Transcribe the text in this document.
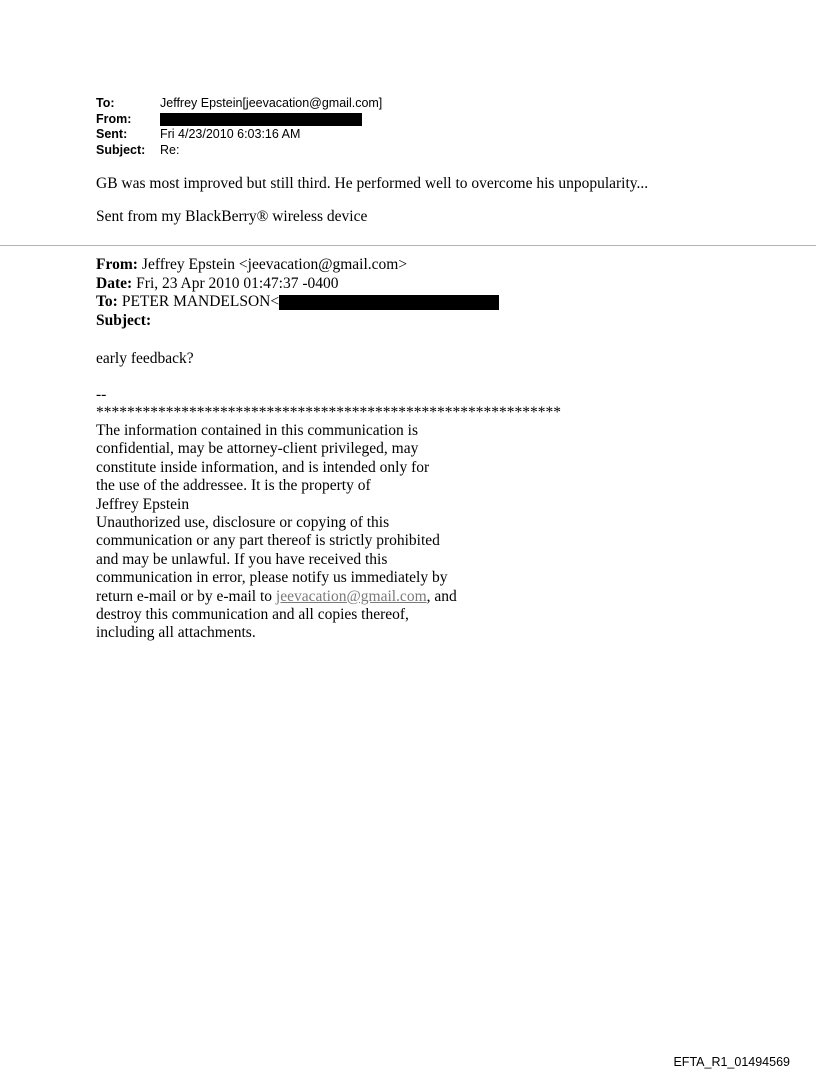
To:	Jeffrey Epstein[jeevacation@gmail.com]
From:
Sent:	Fri 4/23/2010 6:03:16 AM
Subject:	Re:
GB was most improved but still third. He performed well to overcome his unpopularity...
Sent from my BlackBerry® wireless device
From: Jeffrey Epstein <jeevacation@gmail.com>
Date: Fri, 23 Apr 2010 01:47:37 -0400
To: PETER MANDELSON<
Subject:
early feedback?
--
************************************************************
The information contained in this communication is
confidential, may be attorney-client privileged, may
constitute inside information, and is intended only for
the use of the addressee. It is the property of
Jeffrey Epstein
Unauthorized use, disclosure or copying of this
communication or any part thereof is strictly prohibited
and may be unlawful. If you have received this
communication in error, please notify us immediately by
return e-mail or by e-mail to jeevacation@gmail.com, and
destroy this communication and all copies thereof,
including all attachments.
EFTA_R1_01494569
